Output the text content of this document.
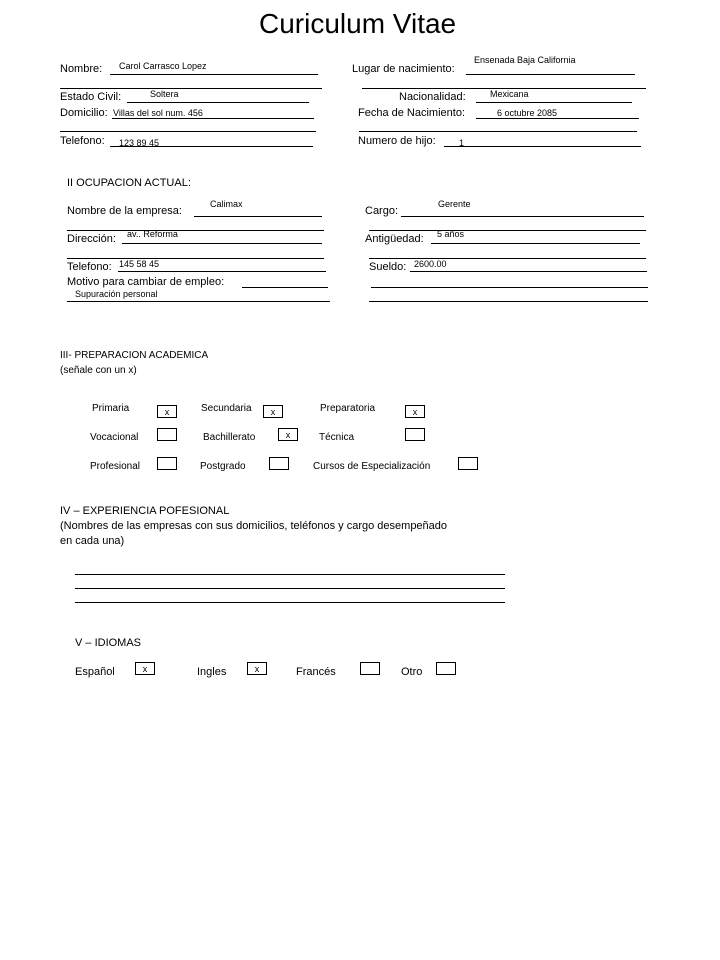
Curiculum Vitae
Nombre: Carol Carrasco Lopez	Lugar de nacimiento:
Ensenada Baja California
Estado Civil:	Soltera	Nacionalidad:	Mexicana
Domicilio: Villas del sol num. 456	Fecha de Nacimiento:	6 octubre 2085
Telefono: 123 89 45	Numero de hijo:	1
II OCUPACION ACTUAL:
Nombre de la empresa:
Calimax
Cargo:
Gerente
Dirección: av.. Reforma	Antigüedad: 5 años
Telefono: 145 58 45	Sueldo: 2600.00
Motivo para cambiar de empleo:
Supuración personal
III- PREPARACION ACADEMICA
(señale con un x)
Primaria	x	Secundaria	x	Preparatoria	x
Vocacional	Bachillerato	x	Técnica
Profesional	Postgrado	Cursos de Especialización
IV – EXPERIENCIA POFESIONAL
(Nombres de las empresas con sus domicilios, teléfonos y cargo desempeñado
en cada una)
V – IDIOMAS
Español	x	Ingles	x	Francés	Otro
